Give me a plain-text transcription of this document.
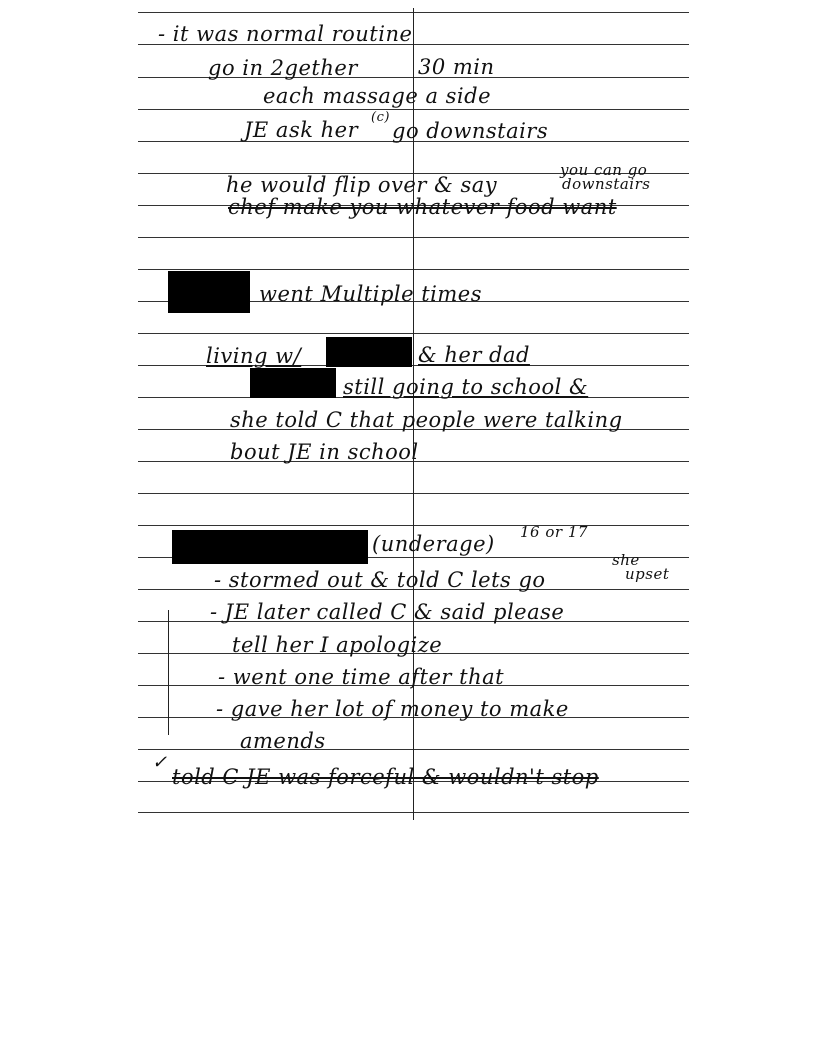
- it was normal routine
go in 2gether	30 min
each massage a side
JE ask her
(c)
go downstairs
he would flip over & say
you can go
downstairs
chef make you whatever food want
went Multiple times
living w/	& her dad
still going to school &
she told C that people were talking
bout JE in school
(underage) 16 or 17
- stormed out & told C lets go
she
upset
- JE later called C & said please
tell her I apologize
- went one time after that
- gave her lot of money to make
amends
✓
told C JE was forceful & wouldn't stop
